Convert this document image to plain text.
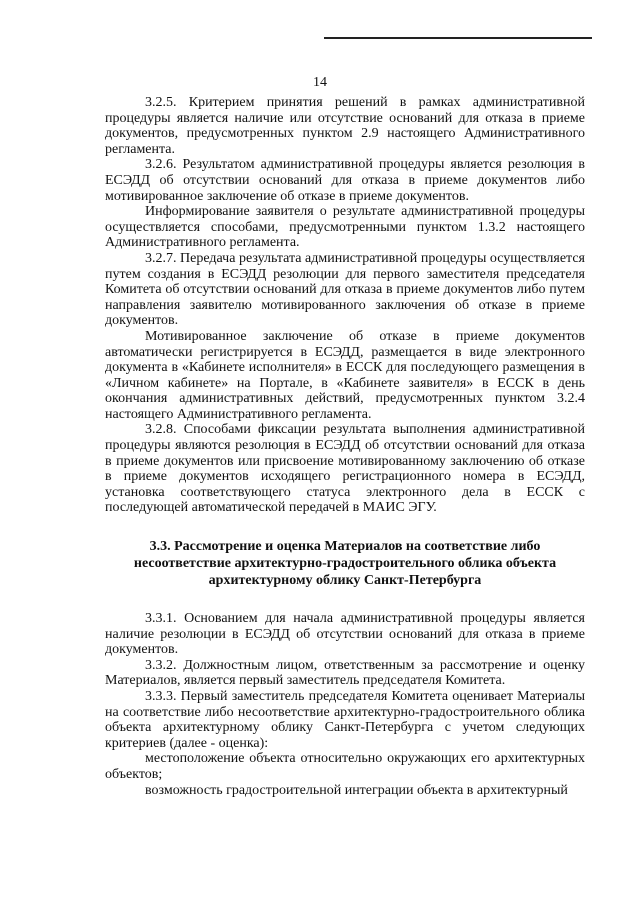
14

3.2.5. Критерием принятия решений в рамках административной процедуры является наличие или отсутствие оснований для отказа в приеме документов, предусмотренных пунктом 2.9 настоящего Административного регламента.

3.2.6. Результатом административной процедуры является резолюция в ЕСЭДД об отсутствии оснований для отказа в приеме документов либо мотивированное заключение об отказе в приеме документов.

Информирование заявителя о результате административной процедуры осуществляется способами, предусмотренными пунктом 1.3.2 настоящего Административного регламента.

3.2.7. Передача результата административной процедуры осуществляется путем создания в ЕСЭДД резолюции для первого заместителя председателя Комитета об отсутствии оснований для отказа в приеме документов либо путем направления заявителю мотивированного заключения об отказе в приеме документов.

Мотивированное заключение об отказе в приеме документов автоматически регистрируется в ЕСЭДД, размещается в виде электронного документа в «Кабинете исполнителя» в ЕССК для последующего размещения в «Личном кабинете» на Портале, в «Кабинете заявителя» в ЕССК в день окончания административных действий, предусмотренных пунктом 3.2.4 настоящего Административного регламента.

3.2.8. Способами фиксации результата выполнения административной процедуры являются резолюция в ЕСЭДД об отсутствии оснований для отказа в приеме документов или присвоение мотивированному заключению об отказе в приеме документов исходящего регистрационного номера в ЕСЭДД, установка соответствующего статуса электронного дела в ЕССК с последующей автоматической передачей в МАИС ЭГУ.

3.3. Рассмотрение и оценка Материалов на соответствие либо

несоответствие архитектурно-градостроительного облика объекта

архитектурному облику Санкт-Петербурга

3.3.1. Основанием для начала административной процедуры является наличие резолюции в ЕСЭДД об отсутствии оснований для отказа в приеме документов.

3.3.2. Должностным лицом, ответственным за рассмотрение и оценку Материалов, является первый заместитель председателя Комитета.

3.3.3. Первый заместитель председателя Комитета оценивает Материалы на соответствие либо несоответствие архитектурно-градостроительного облика объекта архитектурному облику Санкт-Петербурга с учетом следующих критериев (далее - оценка):

местоположение объекта относительно окружающих его архитектурных объектов;

возможность градостроительной интеграции объекта в архитектурный
